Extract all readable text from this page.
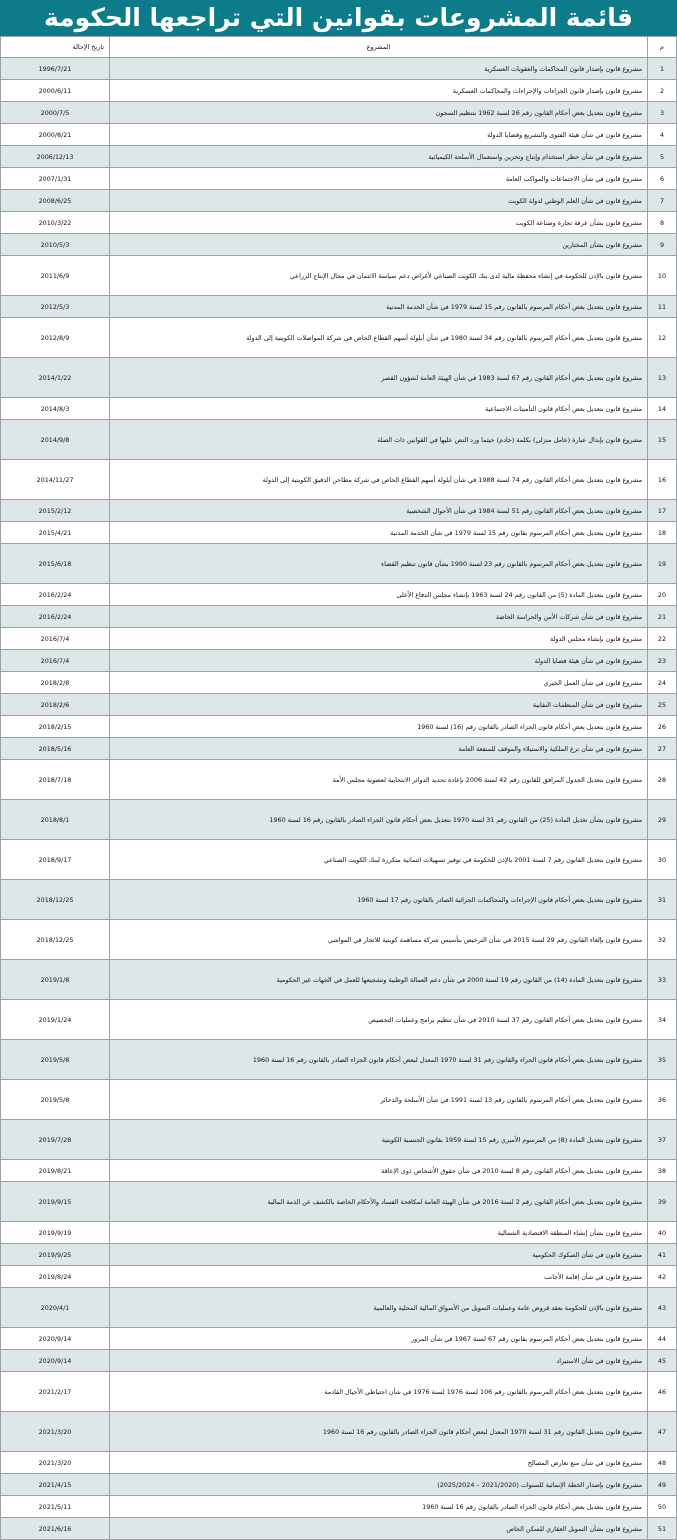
قائمة المشروعات بقوانين التي تراجعها الحكومة
م	المشروع	تاريخ الإحالة
1	مشروع قانون بإصدار قانون المحاكمات والعقوبات العسكرية	1996/7/21
2	مشروع قانون بإصدار قانون الجزاءات والإجراءات والمحاكمات العسكرية	2000/6/11
3	مشروع قانون بتعديل بعض أحكام القانون رقم 26 لسنة 1962 بتنظيم السجون	2000/7/5
4	مشروع قانون في شأن هيئة الفتوى والتشريع وقضايا الدولة	2000/8/21
5	مشروع قانون في شأن حظر استخدام وإنتاج وتخزين واستعمال الأسلحة الكيميائية	2006/12/13
6	مشروع قانون في شأن الاجتماعات والمواكب العامة	2007/1/31
7	مشروع قانون في شأن العلم الوطني لدولة الكويت	2008/6/25
8	مشروع قانون بشأن غرفة تجارة وصناعة الكويت	2010/3/22
9	مشروع قانون بشأن المختارين	2010/5/3
10	مشروع قانون بالإذن للحكومة في إنشاء محفظة مالية لدى بنك الكويت الصناعي لأغراض دعم سياسة الائتمان في مجال الإنتاج الزراعي	2011/6/9
11	مشروع قانون بتعديل بعض أحكام المرسوم بالقانون رقم 15 لسنة 1979 في شأن الخدمة المدنية	2012/5/3
12	مشروع قانون بتعديل بعض أحكام المرسوم بالقانون رقم 34 لسنة 1980 في شأن أيلولة أسهم القطاع الخاص في شركة المواصلات الكويتية إلى الدولة	2012/8/9
13	مشروع قانون بتعديل بعض أحكام القانون رقم 67 لسنة 1983 في شأن الهيئة العامة لشؤون القصر	2014/1/22
14	مشروع قانون بتعديل بعض أحكام قانون التأمينات الاجتماعية	2014/8/3
15	مشروع قانون بإبدال عبارة (عامل منزلي) بكلمة (خادم) حيثما ورد النص عليها في القوانين ذات الصلة	2014/9/8
16	مشروع قانون بتعديل بعض أحكام القانون رقم 74 لسنة 1988 في شأن أيلولة أسهم القطاع الخاص في شركة مطاحن الدقيق الكويتية إلى الدولة	2014/11/27
17	مشروع قانون بتعديل بعض أحكام القانون رقم 51 لسنة 1984 في شأن الأحوال الشخصية	2015/2/12
18	مشروع قانون بتعديل بعض أحكام المرسوم بقانون رقم 15 لسنة 1979 في شأن الخدمة المدنية	2015/4/21
19	مشروع قانون بتعديل بعض أحكام المرسوم بالقانون رقم 23 لسنة 1990 بشأن قانون تنظيم القضاء	2015/6/18
20	مشروع قانون بتعديل المادة (5) من القانون رقم 24 لسنة 1963 بإنشاء مجلس الدفاع الأعلى	2016/2/24
21	مشروع قانون في شأن شركات الأمن والحراسة الخاصة	2016/2/24
22	مشروع قانون بإنشاء مجلس الدولة	2016/7/4
23	مشروع قانون في شأن هيئة قضايا الدولة	2016/7/4
24	مشروع قانون في شأن العمل الخيري	2018/2/8
25	مشروع قانون في شأن المنظمات النقابية	2018/2/6
26	مشروع قانون بتعديل بعض أحكام قانون الجزاء الصادر بالقانون رقم (16) لسنة 1960	2018/2/15
27	مشروع قانون في شأن نزع الملكية والاستيلاء والموقف للمنفعة العامة	2018/5/16
28	مشروع قانون بتعديل الجدول المرافق للقانون رقم 42 لسنة 2006 بإعادة تحديد الدوائر الانتخابية لعضوية مجلس الأمة	2018/7/18
29	مشروع قانون بشأن تعديل المادة (25) من القانون رقم 31 لسنة 1970 بتعديل بعض أحكام قانون الجزاء الصادر بالقانون رقم 16 لسنة 1960	2018/8/1
30	مشروع قانون بتعديل القانون رقم 7 لسنة 2001 بالإذن للحكومة في توفير تسهيلات ائتمانية متكررة لبنك الكويت الصناعي	2018/9/17
31	مشروع قانون بتعديل بعض أحكام قانون الإجراءات والمحاكمات الجزائية الصادر بالقانون رقم 17 لسنة 1960	2018/12/25
32	مشروع قانون بإلغاء القانون رقم 29 لسنة 2015 في شأن الترخيص بتأسيس شركة مساهمة كويتية للاتجار في المواشي	2018/12/25
33	مشروع قانون بتعديل المادة (14) من القانون رقم 19 لسنة 2000 في شأن دعم العمالة الوطنية وتشجيعها للعمل في الجهات غير الحكومية	2019/1/8
34	مشروع قانون بتعديل بعض أحكام القانون رقم 37 لسنة 2010 في شأن تنظيم برامج وعمليات التخصيص	2019/1/24
35	مشروع قانون بتعديل بعض أحكام قانون الجزاء والقانون رقم 31 لسنة 1970 المعدل لبعض أحكام قانون الجزاء الصادر بالقانون رقم 16 لسنة 1960	2019/5/8
36	مشروع قانون بتعديل بعض أحكام المرسوم بالقانون رقم 13 لسنة 1991 في شأن الأسلحة والذخائر	2019/5/8
37	مشروع قانون بتعديل المادة (8) من المرسوم الأميري رقم 15 لسنة 1959 بقانون الجنسية الكويتية	2019/7/28
38	مشروع قانون بتعديل بعض أحكام القانون رقم 8 لسنة 2010 في شأن حقوق الأشخاص ذوي الإعاقة	2019/8/21
39	مشروع قانون بتعديل بعض أحكام القانون رقم 2 لسنة 2016 في شأن الهيئة العامة لمكافحة الفساد والأحكام الخاصة بالكشف عن الذمة المالية	2019/9/15
40	مشروع قانون بشأن إنشاء المنطقة الاقتصادية الشمالية	2019/9/19
41	مشروع قانون في شأن الصكوك الحكومية	2019/9/25
42	مشروع قانون في شأن إقامة الأجانب	2019/8/24
43	مشروع قانون بالإذن للحكومة بعقد قروض عامة وعمليات التمويل من الأسواق المالية المحلية والعالمية	2020/4/1
44	مشروع قانون بتعديل بعض أحكام المرسوم بقانون رقم 67 لسنة 1967 في شأن المرور	2020/9/14
45	مشروع قانون في شأن الاستيراد	2020/9/14
46	مشروع قانون بتعديل بعض أحكام المرسوم بالقانون رقم 106 لسنة 1976 لسنة 1976 في شأن احتياطي الأجيال القادمة	2021/2/17
47	مشروع قانون بتعديل القانون رقم 31 لسنة 1970 المعدل لبعض أحكام قانون الجزاء الصادر بالقانون رقم 16 لسنة 1960	2021/3/20
48	مشروع قانون في شأن منع تعارض المصالح	2021/3/20
49	مشروع قانون بإصدار الخطة الإنمائية للسنوات (2021/2020 – 2025/2024)	2021/4/15
50	مشروع قانون بتعديل بعض أحكام قانون الجزاء الصادر بالقانون رقم 16 لسنة 1960	2021/5/11
51	مشروع قانون بشأن التمويل العقاري للسكن الخاص	2021/6/16
